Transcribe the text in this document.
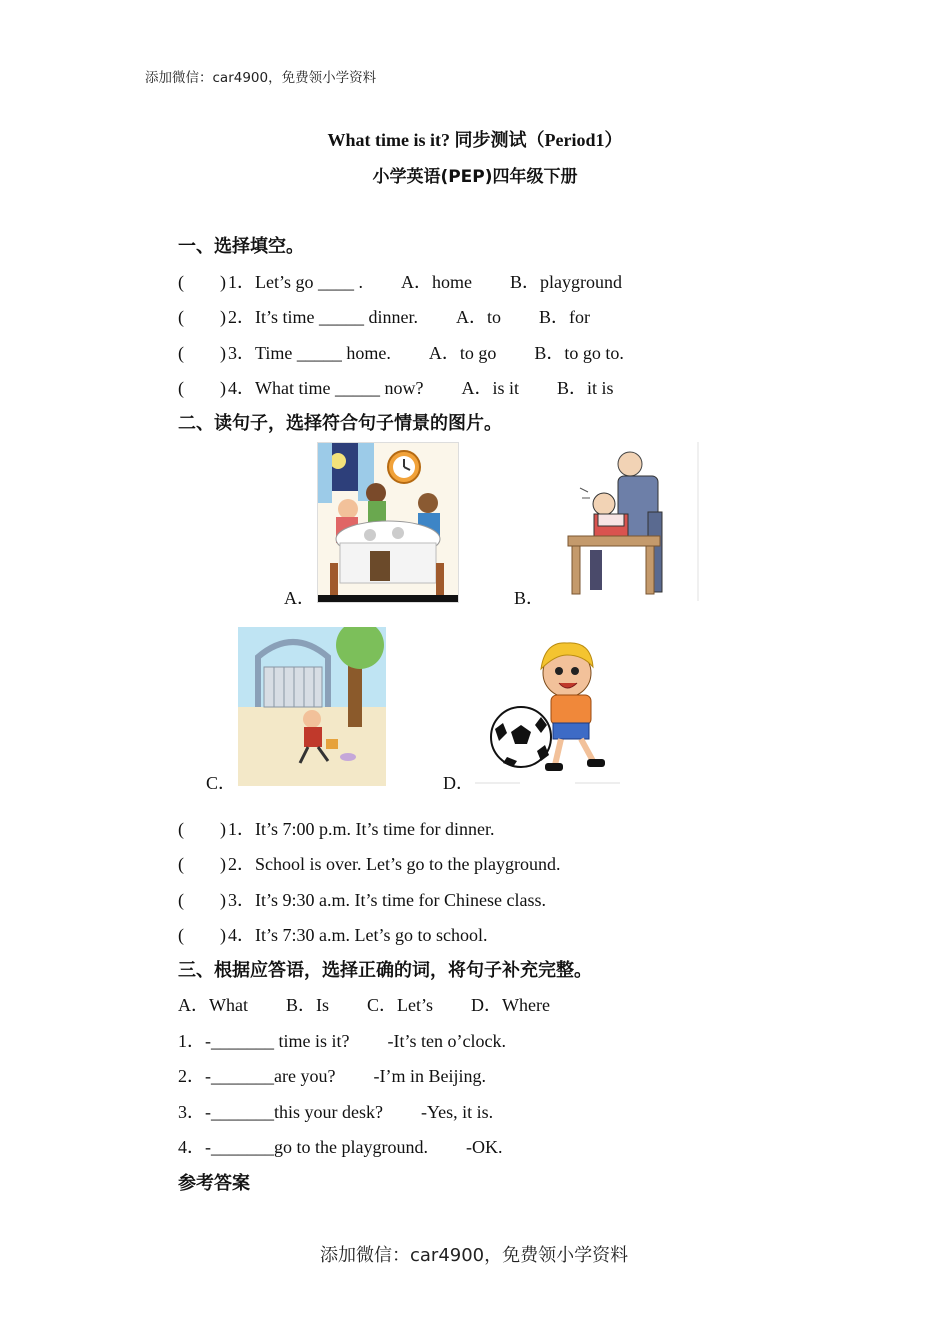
添加微信：car4900，免费领小学资料
What time is it? 同步测试（Period1）
小学英语(PEP)四年级下册
一、选择填空。
(　　) 1．Let’s go ____ . A．home B．playground
(　　) 2．It’s time _____ dinner. A．to B．for
(　　) 3．Time _____ home. A．to go B．to go to.
(　　) 4．What time _____ now? A．is it B．it is
二、读句子，选择符合句子情景的图片。
A．	B．
C．	D．
(　　) 1．It’s 7:00 p.m. It’s time for dinner.
(　　) 2．School is over. Let’s go to the playground.
(　　) 3．It’s 9:30 a.m. It’s time for Chinese class.
(　　) 4．It’s 7:30 a.m. Let’s go to school.
三、根据应答语，选择正确的词，将句子补充完整。
A．What B．Is C．Let’s D．Where
1．-_______ time is it? -It’s ten o’clock.
2．-_______are you? -I’m in Beijing.
3．-_______this your desk? -Yes, it is.
4．-_______go to the playground. -OK.
参考答案
添加微信：car4900，免费领小学资料
